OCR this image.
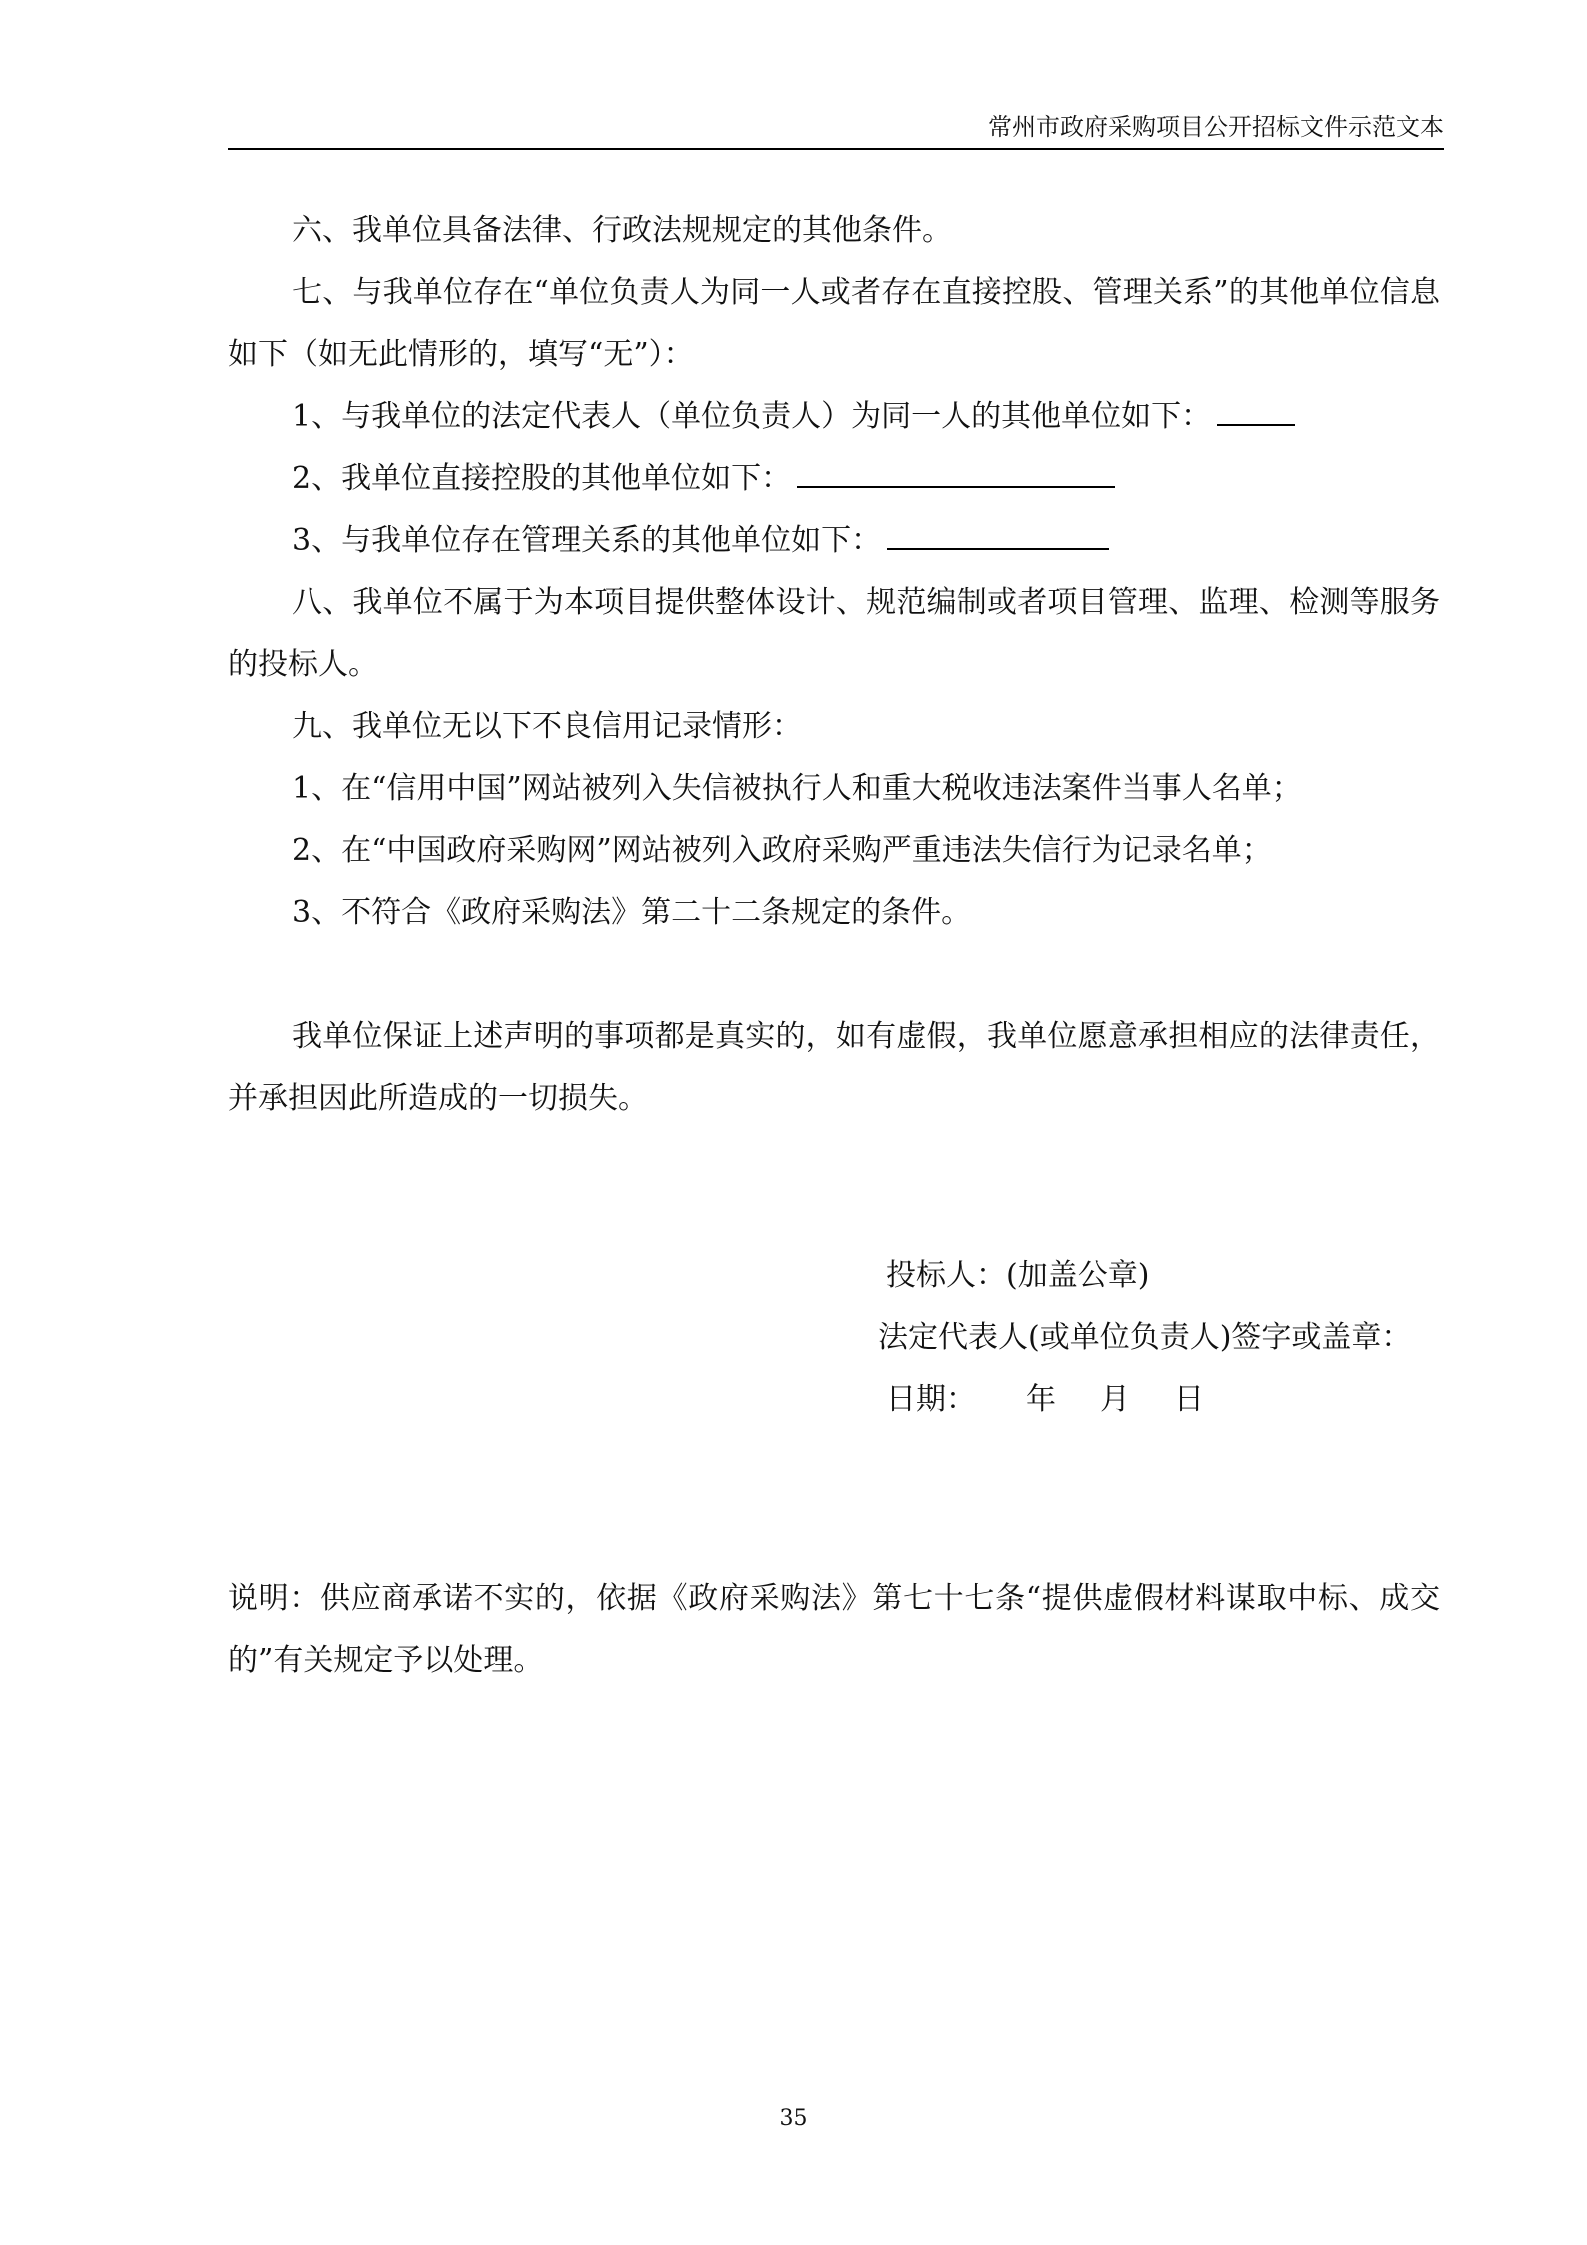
常州市政府采购项目公开招标文件示范文本

六、我单位具备法律、行政法规规定的其他条件。

七、与我单位存在“单位负责人为同一人或者存在直接控股、管理关系”的其他单位信息如下（如无此情形的，填写“无”）：

1、与我单位的法定代表人（单位负责人）为同一人的其他单位如下：

2、我单位直接控股的其他单位如下：

3、与我单位存在管理关系的其他单位如下：

八、我单位不属于为本项目提供整体设计、规范编制或者项目管理、监理、检测等服务的投标人。

九、我单位无以下不良信用记录情形：

1、在“信用中国”网站被列入失信被执行人和重大税收违法案件当事人名单；

2、在“中国政府采购网”网站被列入政府采购严重违法失信行为记录名单；

3、不符合《政府采购法》第二十二条规定的条件。

我单位保证上述声明的事项都是真实的，如有虚假，我单位愿意承担相应的法律责任，并承担因此所造成的一切损失。

投标人：(加盖公章)
法定代表人(或单位负责人)签字或盖章：
日期： 年 月 日

说明：供应商承诺不实的，依据《政府采购法》第七十七条“提供虚假材料谋取中标、成交的”有关规定予以处理。

35
